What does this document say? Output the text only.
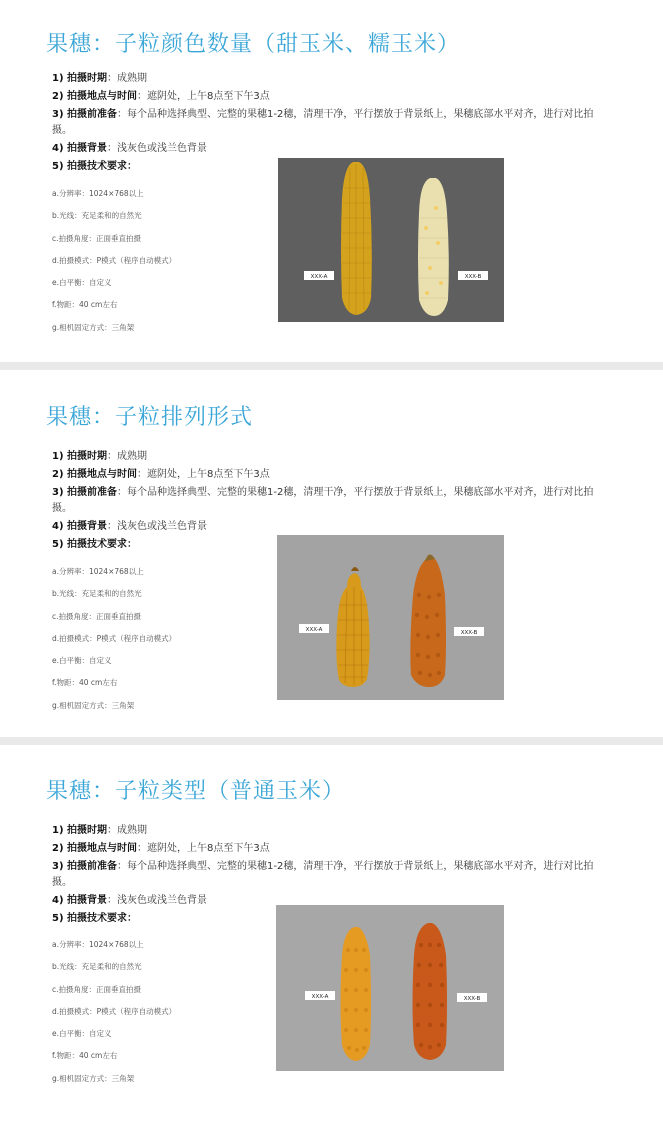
果穗：子粒颜色数量（甜玉米、糯玉米）
1) 拍摄时期：成熟期
2) 拍摄地点与时间：遮阴处，上午8点至下午3点
3) 拍摄前准备：每个品种选择典型、完整的果穗1-2穗，清理干净，平行摆放于背景纸上，果穗底部水平对齐，进行对比拍摄。
4) 拍摄背景：浅灰色或浅兰色背景
5) 拍摄技术要求：
a.分辨率：1024×768以上
b.光线：充足柔和的自然光
c.拍摄角度：正面垂直拍摄
d.拍摄模式：P模式（程序自动模式）
e.白平衡：自定义
f.物距：40 cm左右
g.相机固定方式：三角架
XXX-A	XXX-B
果穗：子粒排列形式
1) 拍摄时期：成熟期
2) 拍摄地点与时间：遮阴处，上午8点至下午3点
3) 拍摄前准备：每个品种选择典型、完整的果穗1-2穗，清理干净，平行摆放于背景纸上，果穗底部水平对齐，进行对比拍摄。
4) 拍摄背景：浅灰色或浅兰色背景
5) 拍摄技术要求：
a.分辨率：1024×768以上
b.光线：充足柔和的自然光
c.拍摄角度：正面垂直拍摄
d.拍摄模式：P模式（程序自动模式）
e.白平衡：自定义
f.物距：40 cm左右
g.相机固定方式：三角架
XXX-A	XXX-B
果穗：子粒类型（普通玉米）
1) 拍摄时期：成熟期
2) 拍摄地点与时间：遮阴处，上午8点至下午3点
3) 拍摄前准备：每个品种选择典型、完整的果穗1-2穗，清理干净，平行摆放于背景纸上，果穗底部水平对齐，进行对比拍摄。
4) 拍摄背景：浅灰色或浅兰色背景
5) 拍摄技术要求：
a.分辨率：1024×768以上
b.光线：充足柔和的自然光
c.拍摄角度：正面垂直拍摄
d.拍摄模式：P模式（程序自动模式）
e.白平衡：自定义
f.物距：40 cm左右
g.相机固定方式：三角架
XXX-A	XXX-B
